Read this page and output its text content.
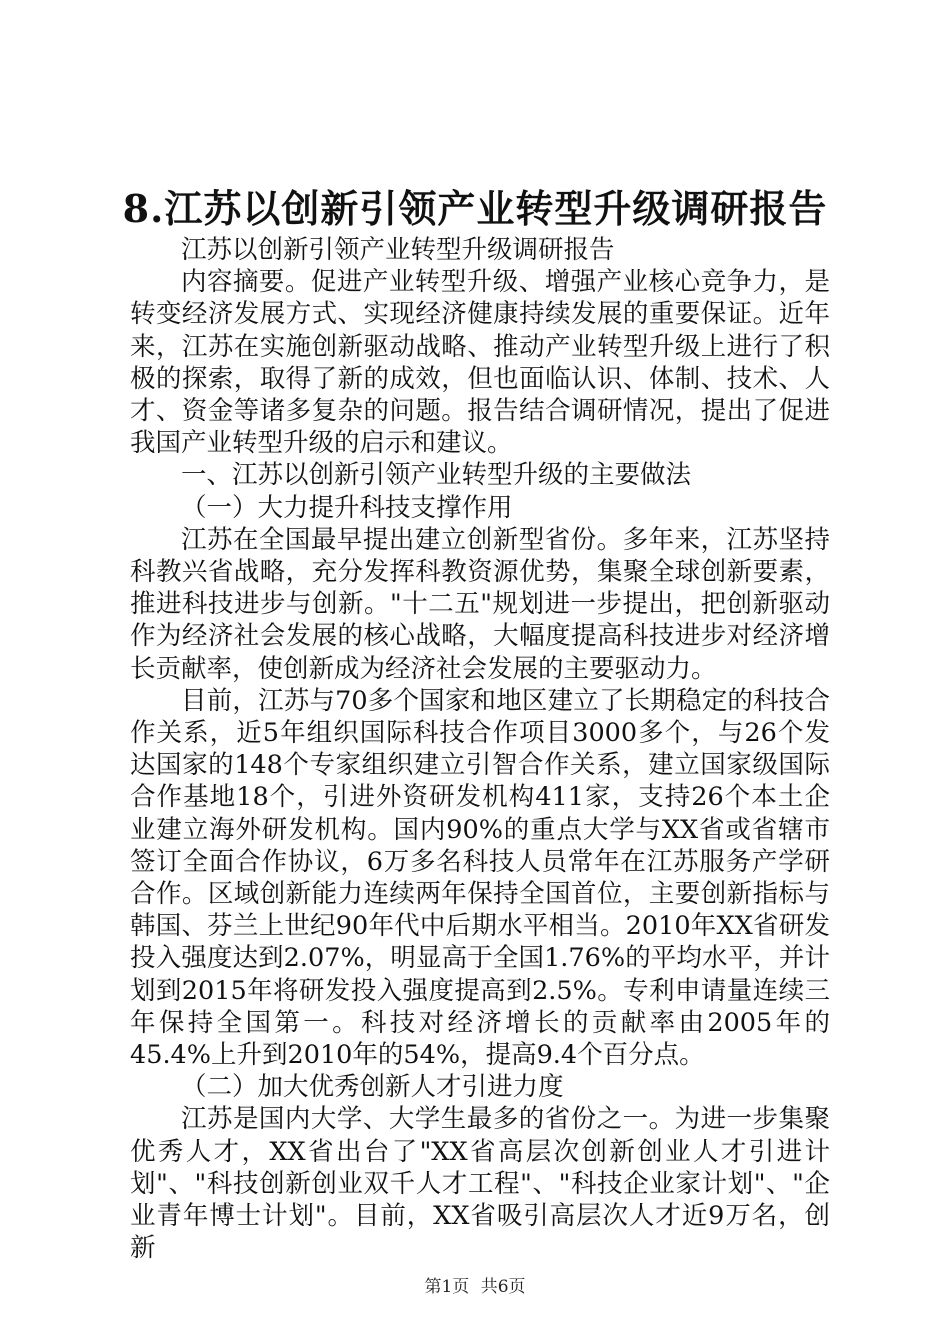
8.江苏以创新引领产业转型升级调研报告

江苏以创新引领产业转型升级调研报告

内容摘要。促进产业转型升级、增强产业核心竞争力，是转变经济发展方式、实现经济健康持续发展的重要保证。近年来，江苏在实施创新驱动战略、推动产业转型升级上进行了积极的探索，取得了新的成效，但也面临认识、体制、技术、人才、资金等诸多复杂的问题。报告结合调研情况，提出了促进我国产业转型升级的启示和建议。

一、江苏以创新引领产业转型升级的主要做法

（一）大力提升科技支撑作用

江苏在全国最早提出建立创新型省份。多年来，江苏坚持科教兴省战略，充分发挥科教资源优势，集聚全球创新要素，推进科技进步与创新。"十二五"规划进一步提出，把创新驱动作为经济社会发展的核心战略，大幅度提高科技进步对经济增长贡献率，使创新成为经济社会发展的主要驱动力。

目前，江苏与70多个国家和地区建立了长期稳定的科技合作关系，近5年组织国际科技合作项目3000多个，与26个发达国家的148个专家组织建立引智合作关系，建立国家级国际合作基地18个，引进外资研发机构411家，支持26个本土企业建立海外研发机构。国内90%的重点大学与XX省或省辖市签订全面合作协议，6万多名科技人员常年在江苏服务产学研合作。区域创新能力连续两年保持全国首位，主要创新指标与韩国、芬兰上世纪90年代中后期水平相当。2010年XX省研发投入强度达到2.07%，明显高于全国1.76%的平均水平，并计划到2015年将研发投入强度提高到2.5%。专利申请量连续三年保持全国第一。科技对经济增长的贡献率由2005年的45.4%上升到2010年的54%，提高9.4个百分点。

（二）加大优秀创新人才引进力度

江苏是国内大学、大学生最多的省份之一。为进一步集聚优秀人才，XX省出台了"XX省高层次创新创业人才引进计划"、"科技创新创业双千人才工程"、"科技企业家计划"、"企业青年博士计划"。目前，XX省吸引高层次人才近9万名，创新

第1页 共6页
